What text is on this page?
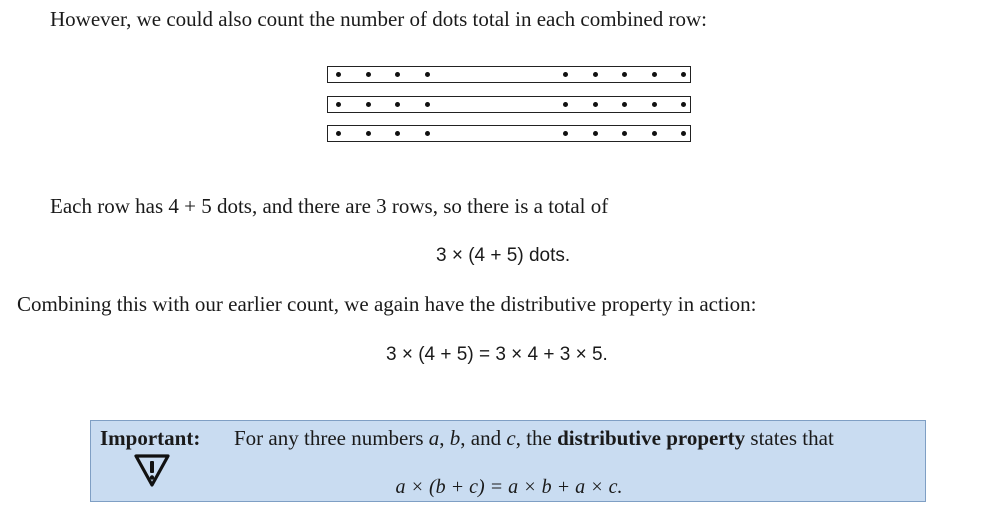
However, we could also count the number of dots total in each combined row:
Each row has 4 + 5 dots, and there are 3 rows, so there is a total of
3 × (4 + 5) dots.
Combining this with our earlier count, we again have the distributive property in action:
3 × (4 + 5) = 3 × 4 + 3 × 5.
Important: For any three numbers a, b, and c, the distributive property states that
a × (b + c) = a × b + a × c.
